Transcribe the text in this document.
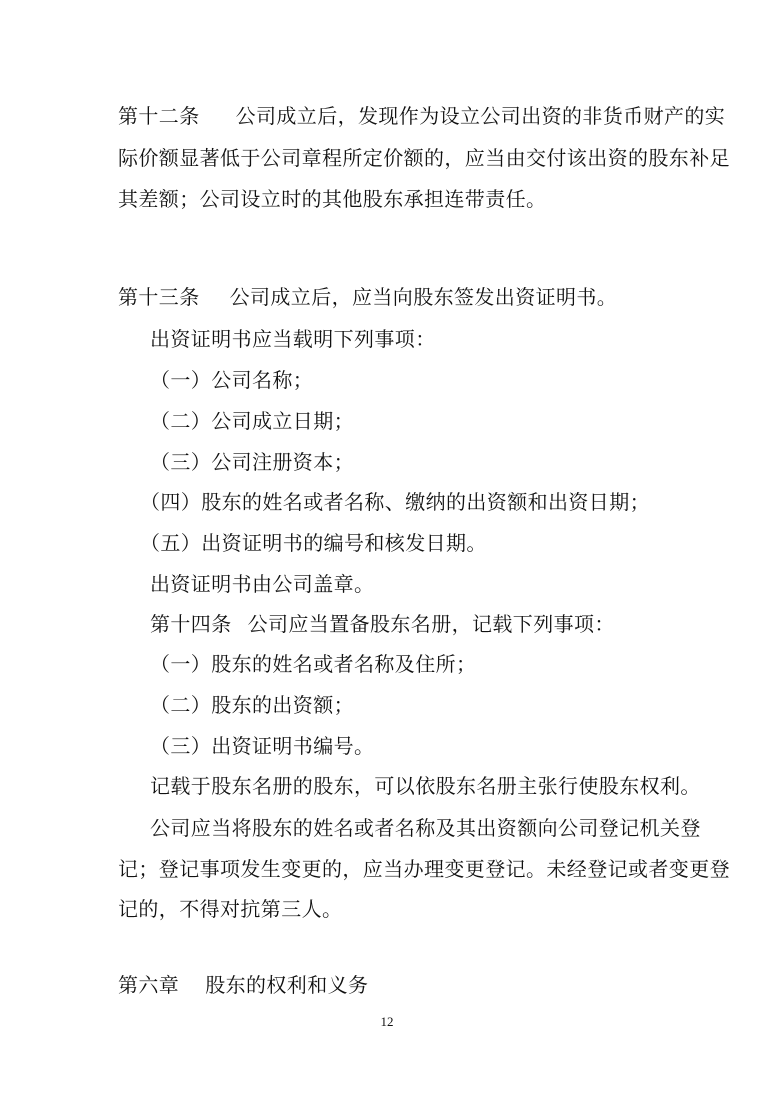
第十二条 公司成立后，发现作为设立公司出资的非货币财产的实
际价额显著低于公司章程所定价额的，应当由交付该出资的股东补足
其差额；公司设立时的其他股东承担连带责任。
第十三条 公司成立后，应当向股东签发出资证明书。
出资证明书应当载明下列事项：
（一）公司名称；
（二）公司成立日期；
（三）公司注册资本；
（四）股东的姓名或者名称、缴纳的出资额和出资日期；
（五）出资证明书的编号和核发日期。
出资证明书由公司盖章。
第十四条 公司应当置备股东名册，记载下列事项：
（一）股东的姓名或者名称及住所；
（二）股东的出资额；
（三）出资证明书编号。
记载于股东名册的股东，可以依股东名册主张行使股东权利。
公司应当将股东的姓名或者名称及其出资额向公司登记机关登
记；登记事项发生变更的，应当办理变更登记。未经登记或者变更登
记的，不得对抗第三人。
第六章 股东的权利和义务
12
